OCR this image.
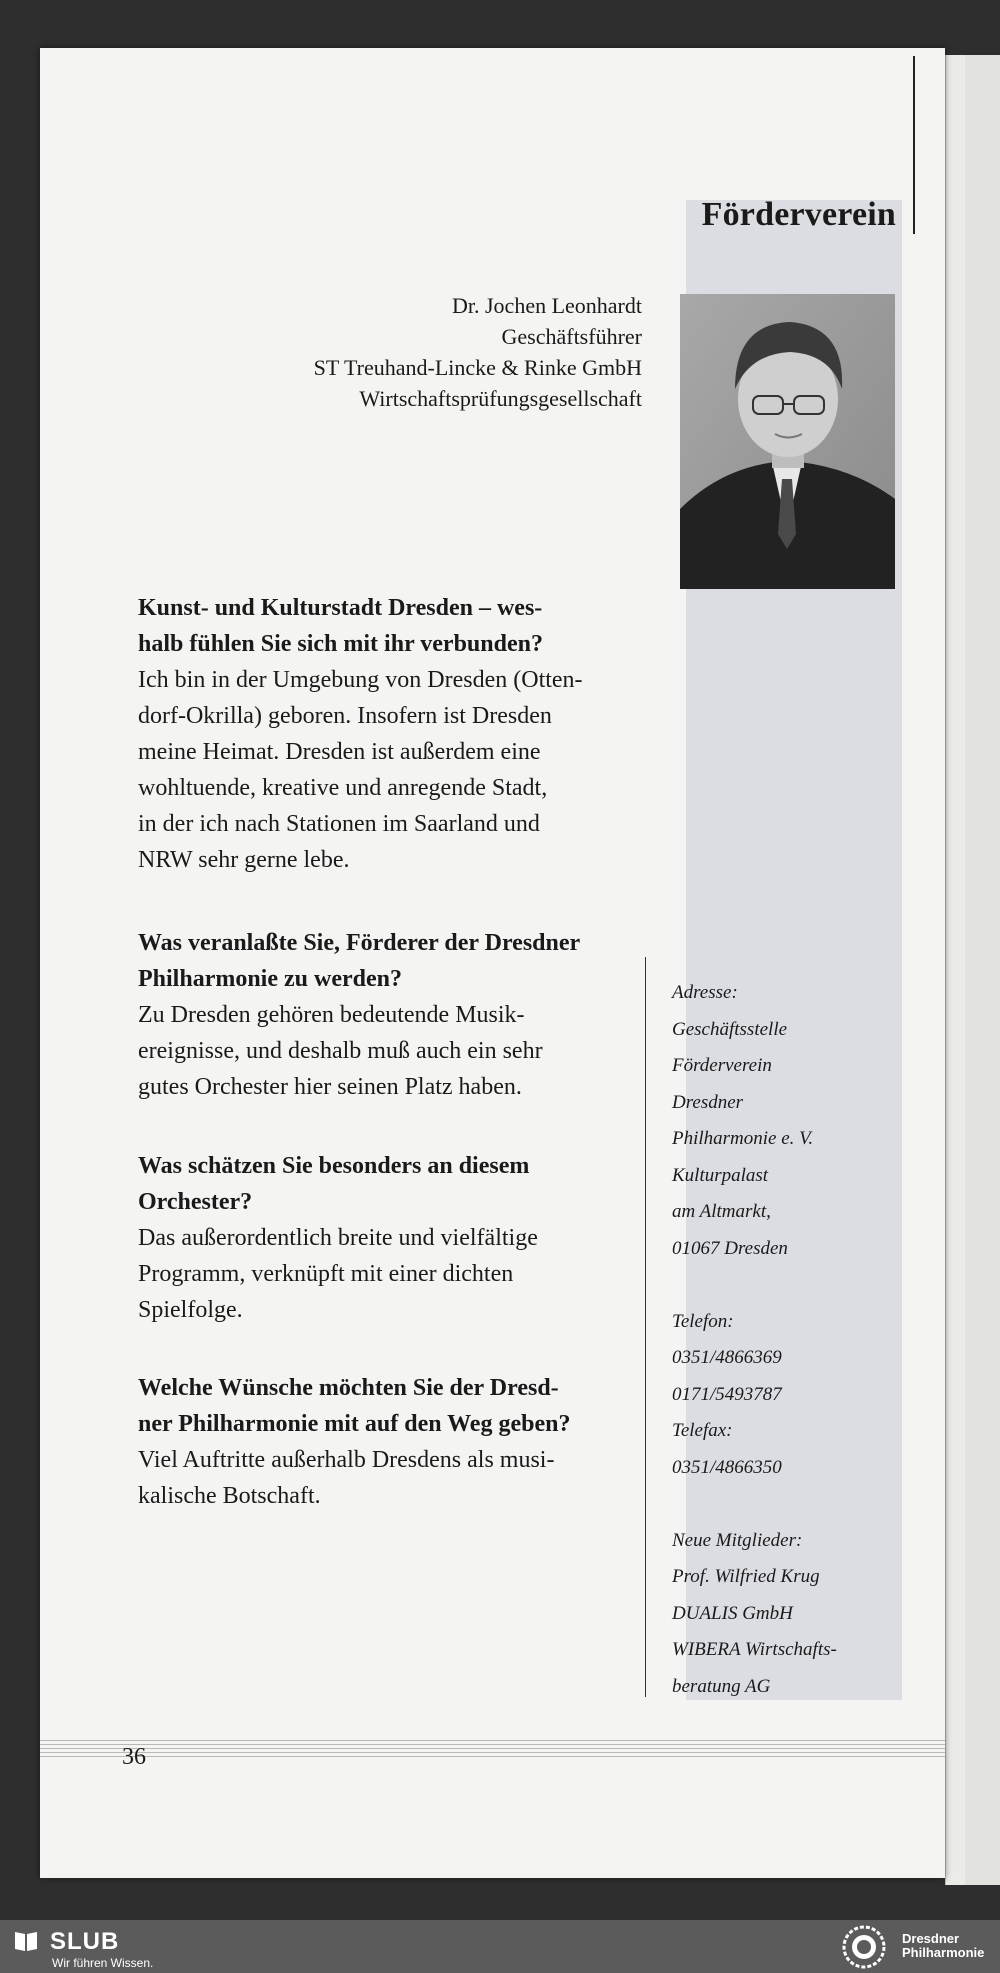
Förderverein
Dr. Jochen Leonhardt
Geschäftsführer
ST Treuhand-Lincke & Rinke GmbH
Wirtschaftsprüfungsgesellschaft

Kunst- und Kulturstadt Dresden – wes-

halb fühlen Sie sich mit ihr verbunden?

Ich bin in der Umgebung von Dresden (Otten-

dorf-Okrilla) geboren. Insofern ist Dresden

meine Heimat. Dresden ist außerdem eine

wohltuende, kreative und anregende Stadt,

in der ich nach Stationen im Saarland und

NRW sehr gerne lebe.

Was veranlaßte Sie, Förderer der Dresdner

Philharmonie zu werden?

Zu Dresden gehören bedeutende Musik-

ereignisse, und deshalb muß auch ein sehr

gutes Orchester hier seinen Platz haben.

Was schätzen Sie besonders an diesem

Orchester?

Das außerordentlich breite und vielfältige

Programm, verknüpft mit einer dichten

Spielfolge.

Welche Wünsche möchten Sie der Dresd-

ner Philharmonie mit auf den Weg geben?

Viel Auftritte außerhalb Dresdens als musi-

kalische Botschaft.

Adresse:
Geschäftsstelle
Förderverein
Dresdner
Philharmonie e. V.
Kulturpalast
am Altmarkt,
01067 Dresden
Telefon:
0351/4866369
0171/5493787
Telefax:
0351/4866350
Neue Mitglieder:
Prof. Wilfried Krug
DUALIS GmbH
WIBERA Wirtschafts-
beratung AG
36
SLUB
Wir führen Wissen.
Dresdner
Philharmonie
